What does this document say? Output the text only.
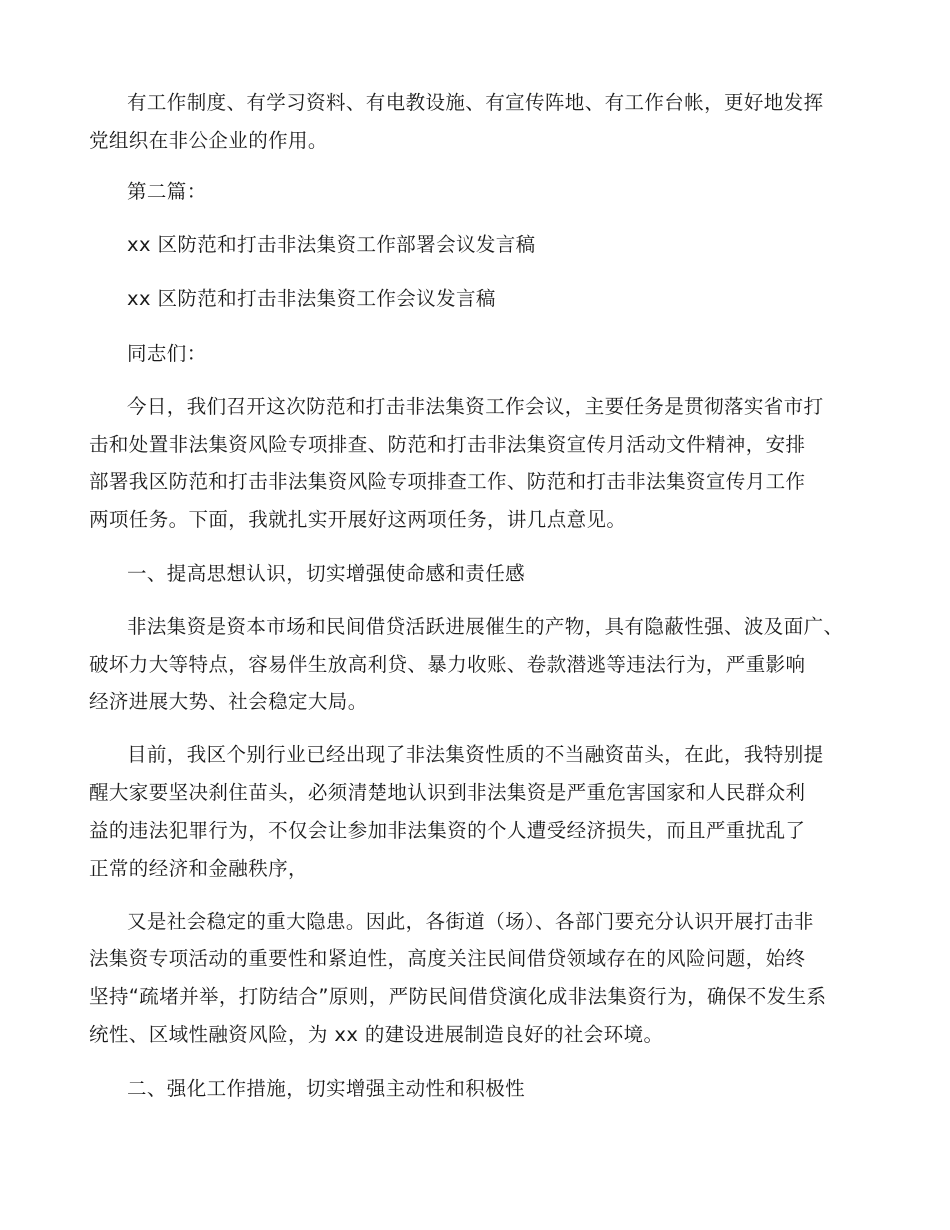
有工作制度、有学习资料、有电教设施、有宣传阵地、有工作台帐，更好地发挥
党组织在非公企业的作用。
第二篇：
xx 区防范和打击非法集资工作部署会议发言稿
xx 区防范和打击非法集资工作会议发言稿
同志们：
今日，我们召开这次防范和打击非法集资工作会议，主要任务是贯彻落实省市打
击和处置非法集资风险专项排查、防范和打击非法集资宣传月活动文件精神，安排
部署我区防范和打击非法集资风险专项排查工作、防范和打击非法集资宣传月工作
两项任务。下面，我就扎实开展好这两项任务，讲几点意见。
一、提高思想认识，切实增强使命感和责任感
非法集资是资本市场和民间借贷活跃进展催生的产物，具有隐蔽性强、波及面广、
破坏力大等特点，容易伴生放高利贷、暴力收账、卷款潜逃等违法行为，严重影响
经济进展大势、社会稳定大局。
目前，我区个别行业已经出现了非法集资性质的不当融资苗头，在此，我特别提
醒大家要坚决刹住苗头，必须清楚地认识到非法集资是严重危害国家和人民群众利
益的违法犯罪行为，不仅会让参加非法集资的个人遭受经济损失，而且严重扰乱了
正常的经济和金融秩序，
又是社会稳定的重大隐患。因此，各街道（场）、各部门要充分认识开展打击非
法集资专项活动的重要性和紧迫性，高度关注民间借贷领域存在的风险问题，始终
坚持“疏堵并举，打防结合”原则，严防民间借贷演化成非法集资行为，确保不发生系
统性、区域性融资风险，为 xx 的建设进展制造良好的社会环境。
二、强化工作措施，切实增强主动性和积极性
